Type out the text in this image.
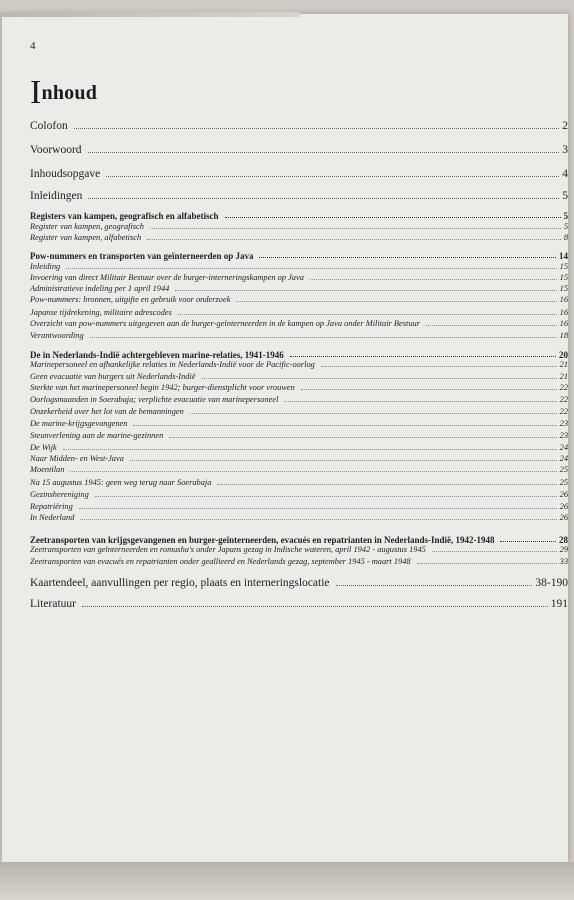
4
Inhoud
Colofon	2
Voorwoord	3
Inhoudsopgave	4
Inleidingen	5
Registers van kampen, geografisch en alfabetisch	5
Register van kampen, geografisch	5
Register van kampen, alfabetisch	8
Pow-nummers en transporten van geïnterneerden op Java	14
Inleiding	15
Invoering van direct Militair Bestuur over de burger-interneringskampen op Java	15
Administratieve indeling per 1 april 1944	15
Pow-nummers: bronnen, uitgifte en gebruik voor onderzoek	16
Japanse tijdrekening, militaire adrescodes	16
Overzicht van pow-nummers uitgegeven aan de burger-geïnterneerden in de kampen op Java onder Militair Bestuur	16
Verantwoording	18
De in Nederlands-Indië achtergebleven marine-relaties, 1941-1946	20
Marinepersoneel en afhankelijke relaties in Nederlands-Indië voor de Pacific-oorlog	21
Geen evacuatie van burgers uit Nederlands-Indië	21
Sterkte van het marinepersoneel begin 1942; burger-dienstplicht voor vrouwen	22
Oorlogsmaanden in Soerabaja; verplichte evacuatie van marinepersoneel	22
Onzekerheid over het lot van de bemanningen	22
De marine-krijgsgevangenen	23
Steunverlening aan de marine-gezinnen	23
De Wijk	24
Naar Midden- en West-Java	24
Moentilan	25
Na 15 augustus 1945: geen weg terug naar Soerabaja	25
Gezinshereniging	26
Repatriëring	26
In Nederland	26
Zeetransporten van krijgsgevangenen en burger-geïnterneerden, evacués en repatrianten in Nederlands-Indië, 1942-1948	28
Zeetransporten van geïnterneerden en romusha's onder Japans gezag in Indische wateren, april 1942 - augustus 1945	29
Zeetransporten van evacués en repatrianten onder geallieerd en Nederlands gezag, september 1945 - maart 1948	33
Kaartendeel, aanvullingen per regio, plaats en interneringslocatie	38-190
Literatuur	191
